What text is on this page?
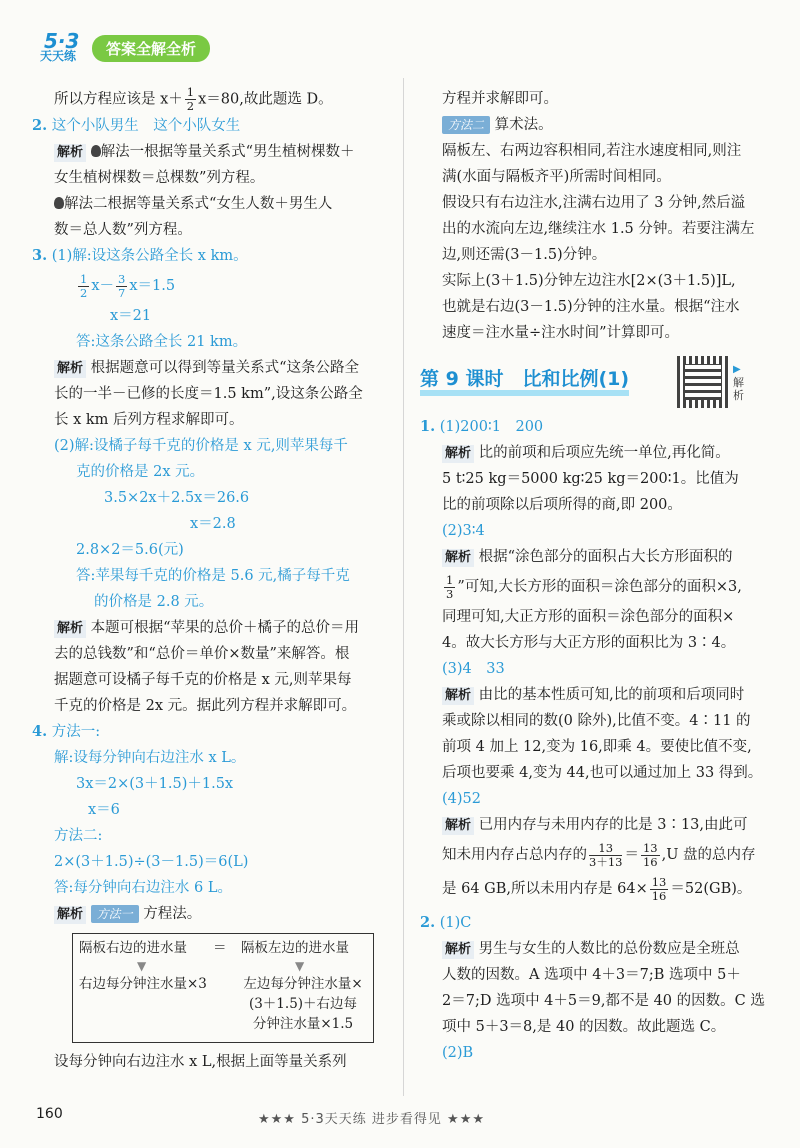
5·3
天天练	答案全解全析

所以方程应该是 $x+ \frac{1}{2} x=80$,故此题选 D。

2. 这个小队男生　这个小队女生

解析 解法一根据等量关系式“男生植树棵数＋

女生植树棵数＝总棵数”列方程。

解法二根据等量关系式“女生人数＋男生人

数＝总人数”列方程。

3. (1)解:设这条公路全长 x km。

$\frac{1}{2} x- \frac{3}{7} x=1.5$

x＝21

答:这条公路全长 21 km。

解析 根据题意可以得到等量关系式“这条公路全

长的一半－已修的长度＝1.5 km”,设这条公路全

长 x km 后列方程求解即可。

(2)解:设橘子每千克的价格是 x 元,则苹果每千

克的价格是 2x 元。

3.5×2x＋2.5x＝26.6

x＝2.8

2.8×2＝5.6(元)

答:苹果每千克的价格是 5.6 元,橘子每千克

的价格是 2.8 元。

解析 本题可根据“苹果的总价＋橘子的总价＝用

去的总钱数”和“总价＝单价×数量”来解答。根

据题意可设橘子每千克的价格是 x 元,则苹果每

千克的价格是 2x 元。据此列方程并求解即可。

4. 方法一:

解:设每分钟向右边注水 x L。

3x＝2×(3＋1.5)＋1.5x

x＝6

方法二:

2×(3＋1.5)÷(3－1.5)＝6(L)

答:每分钟向右边注水 6 L。

解析 方法一 方程法。

隔板右边的进水量 ＝ 隔板左边的进水量
▼	▼
右边每分钟注水量×3	左边每分钟注水量×
(3＋1.5)＋右边每
分钟注水量×1.5

设每分钟向右边注水 x L,根据上面等量关系列

方程并求解即可。

方法二 算术法。

隔板左、右两边容积相同,若注水速度相同,则注

满(水面与隔板齐平)所需时间相同。

假设只有右边注水,注满右边用了 3 分钟,然后溢

出的水流向左边,继续注水 1.5 分钟。若要注满左

边,则还需(3－1.5)分钟。

实际上(3＋1.5)分钟左边注水[2×(3＋1.5)]L,

也就是右边(3－1.5)分钟的注水量。根据“注水

速度＝注水量÷注水时间”计算即可。

第 9 课时　比和比例(1)	▶解析

1. (1)200∶1　200

解析 比的前项和后项应先统一单位,再化简。

5 t∶25 kg＝5000 kg∶25 kg＝200∶1。比值为

比的前项除以后项所得的商,即 200。

(2)3∶4

解析 根据“涂色部分的面积占大长方形面积的

$\frac{1}{3}$ ”可知,大长方形的面积＝涂色部分的面积×3,

同理可知,大正方形的面积＝涂色部分的面积×

4。故大长方形与大正方形的面积比为 3∶4。

(3)4　33

解析 由比的基本性质可知,比的前项和后项同时

乘或除以相同的数(0 除外),比值不变。4∶11 的

前项 4 加上 12,变为 16,即乘 4。要使比值不变,

后项也要乘 4,变为 44,也可以通过加上 33 得到。

(4)52

解析 已用内存与未用内存的比是 3∶13,由此可

知未用内存占总内存的 $\frac{13}{3+13} = \frac{13}{16} ,U$ 盘的总内存

是 64 GB,所以未用内存是 $64\times \frac{13}{16} =52(GB)$。

2. (1)C

解析 男生与女生的人数比的总份数应是全班总

人数的因数。A 选项中 4＋3＝7;B 选项中 5＋

2＝7;D 选项中 4＋5＝9,都不是 40 的因数。C 选

项中 5＋3＝8,是 40 的因数。故此题选 C。

(2)B

160	★★★ 5·3天天练 进步看得见 ★★★
